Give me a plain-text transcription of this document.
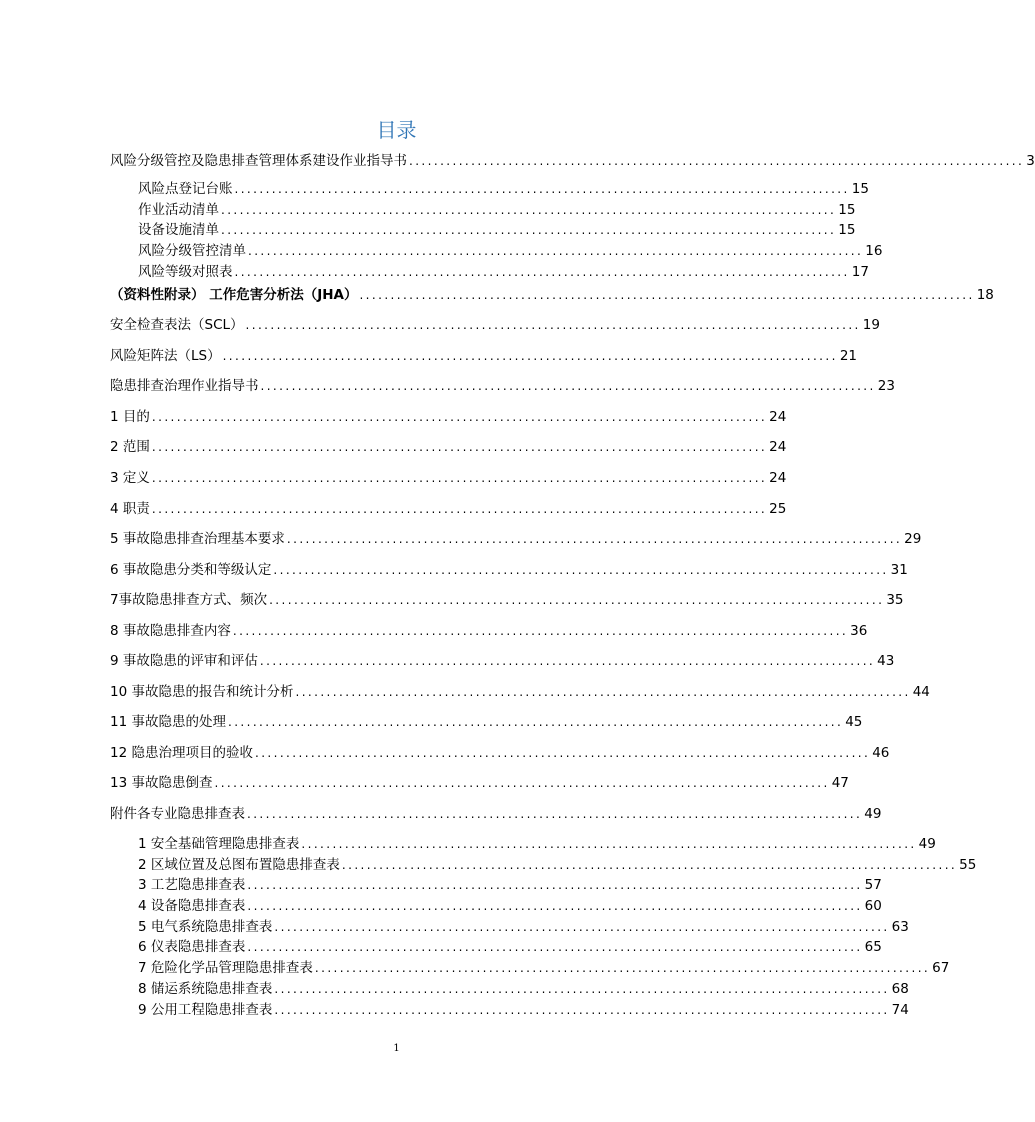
目录
风险分级管控及隐患排查管理体系建设作业指导书 ................................................................................................... 3
风险点登记台账 ................................................................................................... 15
作业活动清单 ................................................................................................... 15
设备设施清单 ................................................................................................... 15
风险分级管控清单 ................................................................................................... 16
风险等级对照表 ................................................................................................... 17
（资料性附录） 工作危害分析法（JHA） ................................................................................................... 18
安全检查表法（SCL） ................................................................................................... 19
风险矩阵法（LS） ................................................................................................... 21
隐患排查治理作业指导书 ................................................................................................... 23
1 目的 ................................................................................................... 24
2 范围 ................................................................................................... 24
3 定义 ................................................................................................... 24
4 职责 ................................................................................................... 25
5 事故隐患排查治理基本要求 ................................................................................................... 29
6 事故隐患分类和等级认定 ................................................................................................... 31
7事故隐患排查方式、频次 ................................................................................................... 35
8 事故隐患排查内容 ................................................................................................... 36
9 事故隐患的评审和评估 ................................................................................................... 43
10 事故隐患的报告和统计分析 ................................................................................................... 44
11 事故隐患的处理 ................................................................................................... 45
12 隐患治理项目的验收 ................................................................................................... 46
13 事故隐患倒查 ................................................................................................... 47
附件各专业隐患排查表 ................................................................................................... 49
1 安全基础管理隐患排查表 ................................................................................................... 49
2 区域位置及总图布置隐患排查表 ................................................................................................... 55
3 工艺隐患排查表 ................................................................................................... 57
4 设备隐患排查表 ................................................................................................... 60
5 电气系统隐患排查表 ................................................................................................... 63
6 仪表隐患排查表 ................................................................................................... 65
7 危险化学品管理隐患排查表 ................................................................................................... 67
8 储运系统隐患排查表 ................................................................................................... 68
9 公用工程隐患排查表 ................................................................................................... 74
1
